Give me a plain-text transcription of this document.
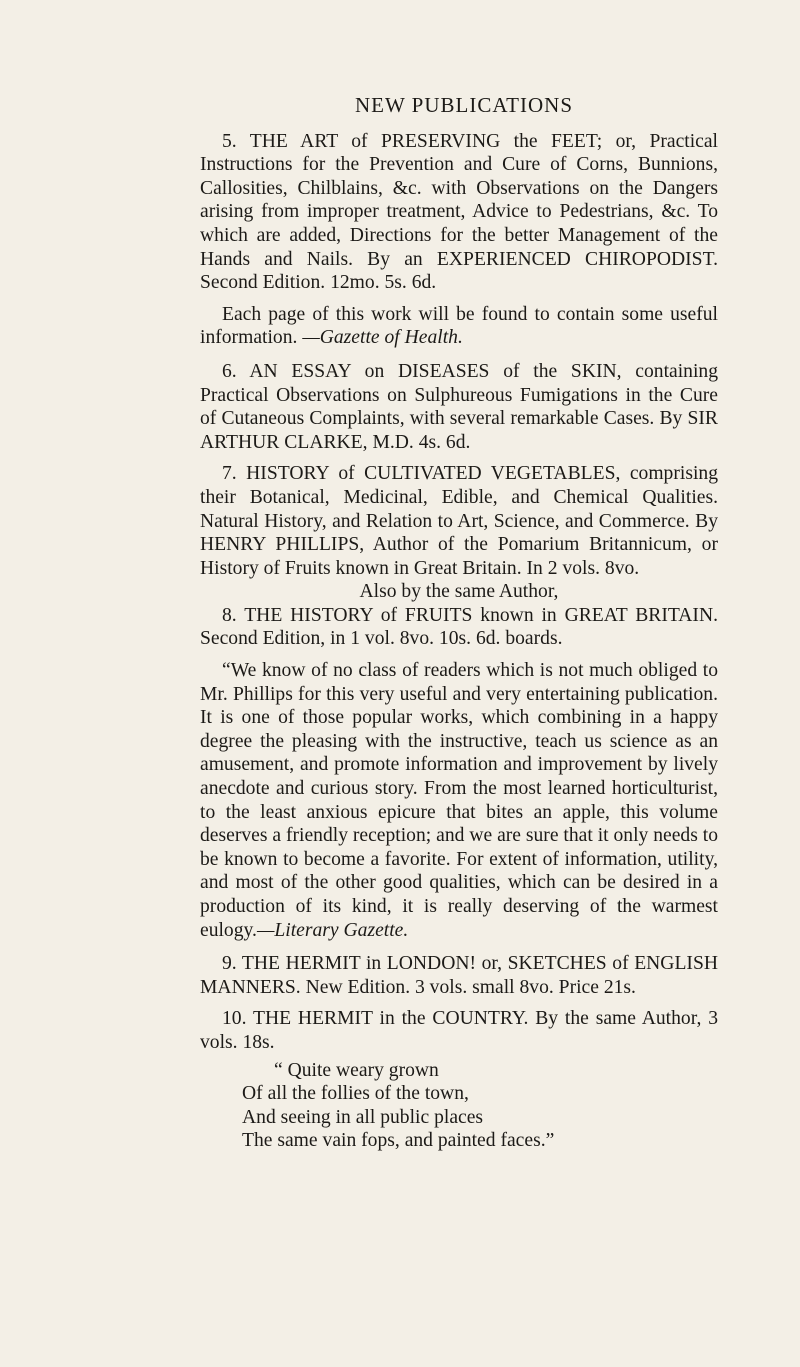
NEW PUBLICATIONS

5. THE ART of PRESERVING the FEET; or, Practical Instructions for the Prevention and Cure of Corns, Bunnions, Callosities, Chilblains, &c. with Observations on the Dangers arising from improper treatment, Advice to Pedestrians, &c. To which are added, Directions for the better Management of the Hands and Nails. By an EXPERIENCED CHIROPODIST. Second Edition. 12mo. 5s. 6d.

Each page of this work will be found to contain some useful information. —Gazette of Health.

6. AN ESSAY on DISEASES of the SKIN, containing Practical Observations on Sulphureous Fumigations in the Cure of Cutaneous Complaints, with several remarkable Cases. By SIR ARTHUR CLARKE, M.D. 4s. 6d.

7. HISTORY of CULTIVATED VEGETABLES, comprising their Botanical, Medicinal, Edible, and Chemical Qualities. Natural History, and Relation to Art, Science, and Commerce. By HENRY PHILLIPS, Author of the Pomarium Britannicum, or History of Fruits known in Great Britain. In 2 vols. 8vo.

Also by the same Author,

8. THE HISTORY of FRUITS known in GREAT BRITAIN. Second Edition, in 1 vol. 8vo. 10s. 6d. boards.

“We know of no class of readers which is not much obliged to Mr. Phillips for this very useful and very entertaining publication. It is one of those popular works, which combining in a happy degree the pleasing with the instructive, teach us science as an amusement, and promote information and improvement by lively anecdote and curious story. From the most learned horticulturist, to the least anxious epicure that bites an apple, this volume deserves a friendly reception; and we are sure that it only needs to be known to become a favorite. For extent of information, utility, and most of the other good qualities, which can be desired in a production of its kind, it is really deserving of the warmest eulogy.—Literary Gazette.

9. THE HERMIT in LONDON! or, SKETCHES of ENGLISH MANNERS. New Edition. 3 vols. small 8vo. Price 21s.

10. THE HERMIT in the COUNTRY. By the same Author, 3 vols. 18s.

“ Quite weary grown
Of all the follies of the town,
And seeing in all public places
The same vain fops, and painted faces.”
